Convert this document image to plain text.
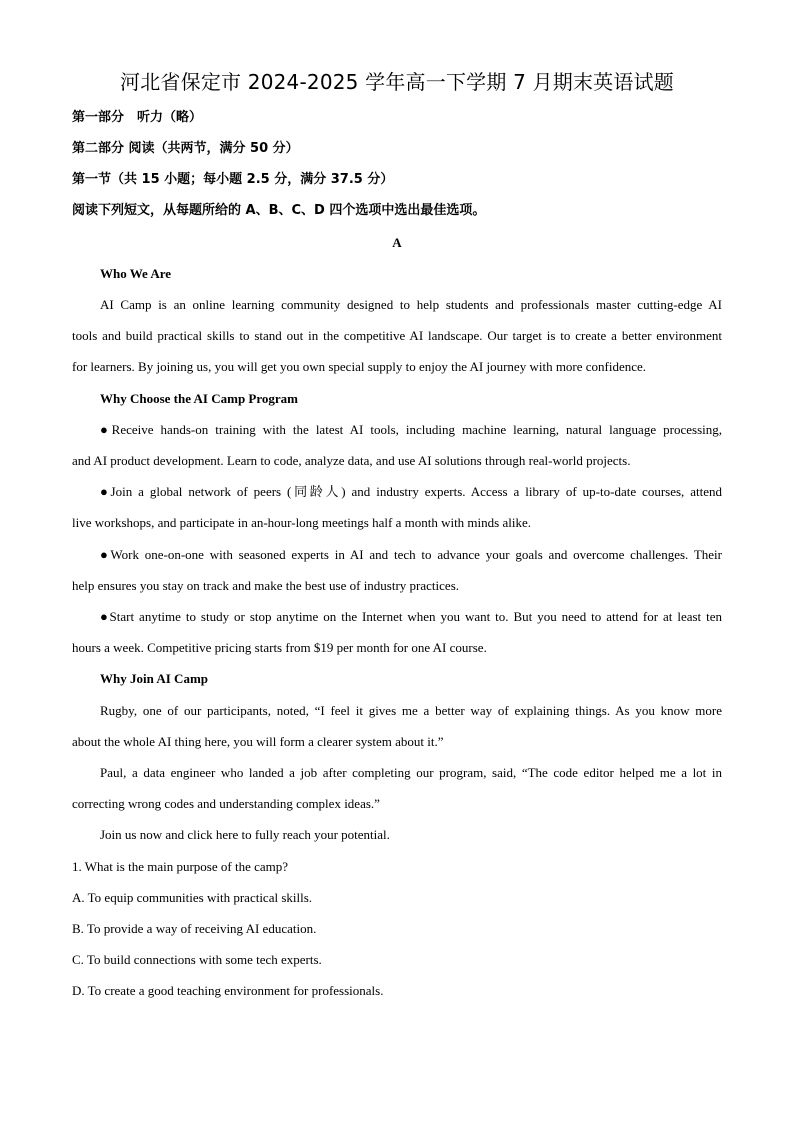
河北省保定市 2024-2025 学年高一下学期 7 月期末英语试题
第一部分　听力（略）
第二部分 阅读（共两节，满分 50 分）
第一节（共 15 小题；每小题 2.5 分，满分 37.5 分）
阅读下列短文，从每题所给的 A、B、C、D 四个选项中选出最佳选项。
A
Who We Are
AI Camp is an online learning community designed to help students and professionals master cutting-edge AI
tools and build practical skills to stand out in the competitive AI landscape. Our target is to create a better environment
for learners. By joining us, you will get you own special supply to enjoy the AI journey with more confidence.
Why Choose the AI Camp Program
●Receive hands-on training with the latest AI tools, including machine learning, natural language processing,
and AI product development. Learn to code, analyze data, and use AI solutions through real-world projects.
●Join a global network of peers (同龄人) and industry experts. Access a library of up-to-date courses, attend
live workshops, and participate in an-hour-long meetings half a month with minds alike.
●Work one-on-one with seasoned experts in AI and tech to advance your goals and overcome challenges. Their
help ensures you stay on track and make the best use of industry practices.
●Start anytime to study or stop anytime on the Internet when you want to. But you need to attend for at least ten
hours a week. Competitive pricing starts from $19 per month for one AI course.
Why Join AI Camp
Rugby, one of our participants, noted, “I feel it gives me a better way of explaining things. As you know more
about the whole AI thing here, you will form a clearer system about it.”
Paul, a data engineer who landed a job after completing our program, said, “The code editor helped me a lot in
correcting wrong codes and understanding complex ideas.”
Join us now and click here to fully reach your potential.
1. What is the main purpose of the camp?
A. To equip communities with practical skills.
B. To provide a way of receiving AI education.
C. To build connections with some tech experts.
D. To create a good teaching environment for professionals.
